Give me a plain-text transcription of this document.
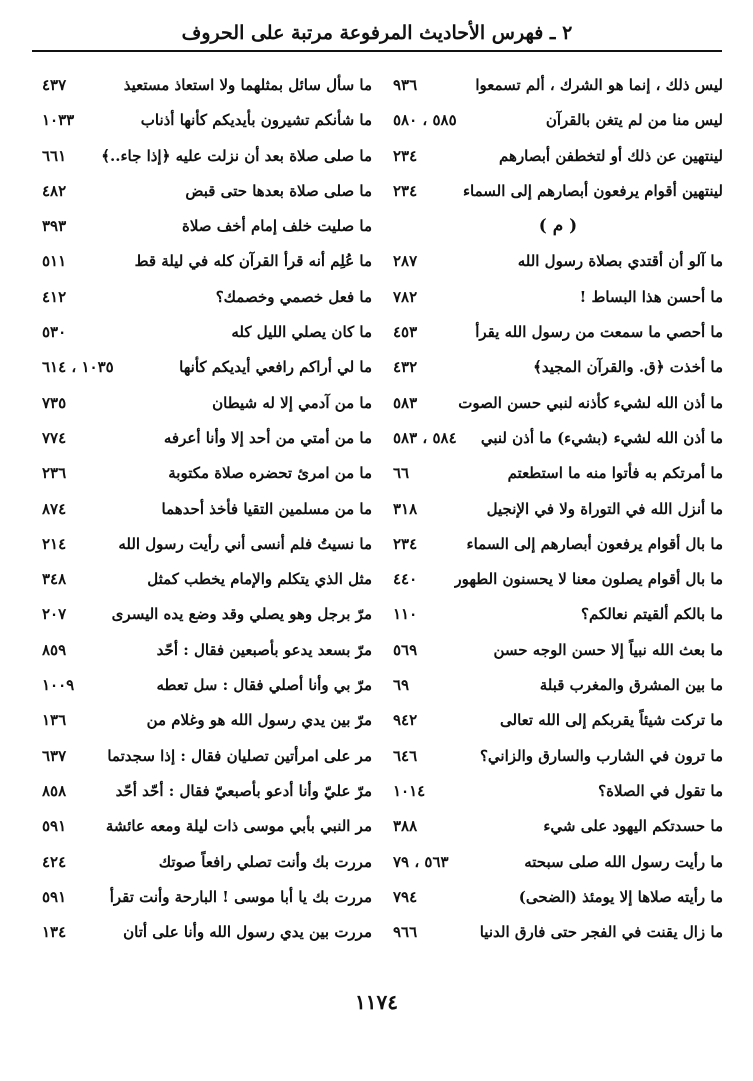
٢ ـ فهرس الأحاديث المرفوعة مرتبة على الحروف
ليس ذلك ، إنما هو الشرك ، ألم تسمعوا
٩٣٦
ليس منا من لم يتغن بالقرآن
٥٨٥ ، ٥٨٠
لينتهين عن ذلك أو لتخطفن أبصارهم
٢٣٤
لينتهين أقوام يرفعون أبصارهم إلى السماء
٢٣٤
( م )
ما آلو أن أقتدي بصلاة رسول الله
٢٨٧
ما أحسن هذا البساط !
٧٨٢
ما أحصي ما سمعت من رسول الله يقرأ
٤٥٣
ما أخذت ﴿ق. والقرآن المجيد﴾
٤٣٢
ما أذن الله لشيء كأذنه لنبي حسن الصوت
٥٨٣
ما أذن الله لشيء (بشيء) ما أذن لنبي
٥٨٤ ، ٥٨٣
ما أمرتكم به فأتوا منه ما استطعتم
٦٦
ما أنزل الله في التوراة ولا في الإنجيل
٣١٨
ما بال أقوام يرفعون أبصارهم إلى السماء
٢٣٤
ما بال أقوام يصلون معنا لا يحسنون الطهور
٤٤٠
ما بالكم ألقيتم نعالكم؟
١١٠
ما بعث الله نبياً إلا حسن الوجه حسن
٥٦٩
ما بين المشرق والمغرب قبلة
٦٩
ما تركت شيئاً يقربكم إلى الله تعالى
٩٤٢
ما ترون في الشارب والسارق والزاني؟
٦٤٦
ما تقول في الصلاة؟
١٠١٤
ما حسدتكم اليهود على شيء
٣٨٨
ما رأيت رسول الله صلى سبحته
٥٦٣ ، ٧٩
ما رأيته صلاها إلا يومئذ (الضحى)
٧٩٤
ما زال يقنت في الفجر حتى فارق الدنيا
٩٦٦
ما سأل سائل بمثلهما ولا استعاذ مستعيذ
٤٣٧
ما شأنكم تشيرون بأيديكم كأنها أذناب
١٠٣٣
ما صلى صلاة بعد أن نزلت عليه ﴿إذا جاء..﴾
٦٦١
ما صلى صلاة بعدها حتى قبض
٤٨٢
ما صليت خلف إمام أخف صلاة
٣٩٣
ما عُلِم أنه قرأ القرآن كله في ليلة قط
٥١١
ما فعل خصمي وخصمك؟
٤١٢
ما كان يصلي الليل كله
٥٣٠
ما لي أراكم رافعي أيديكم كأنها
١٠٣٥ ، ٦١٤
ما من آدمي إلا له شيطان
٧٣٥
ما من أمتي من أحد إلا وأنا أعرفه
٧٧٤
ما من امرئ تحضره صلاة مكتوبة
٢٣٦
ما من مسلمين التقيا فأخذ أحدهما
٨٧٤
ما نسيتُ فلم أنسى أني رأيت رسول الله
٢١٤
مثل الذي يتكلم والإمام يخطب كمثل
٣٤٨
مرّ برجل وهو يصلي وقد وضع يده اليسرى
٢٠٧
مرّ بسعد يدعو بأصبعين فقال : أحّد
٨٥٩
مرّ بي وأنا أصلي فقال : سل تعطه
١٠٠٩
مرّ بين يدي رسول الله هو وغلام من
١٣٦
مر على امرأتين تصليان فقال : إذا سجدتما
٦٣٧
مرّ عليّ وأنا أدعو بأصبعيّ فقال : أحّد أحّد
٨٥٨
مر النبي بأبي موسى ذات ليلة ومعه عائشة
٥٩١
مررت بك وأنت تصلي رافعاً صوتك
٤٢٤
مررت بك يا أبا موسى ! البارحة وأنت تقرأ
٥٩١
مررت بين يدي رسول الله وأنا على أتان
١٣٤
١١٧٤
